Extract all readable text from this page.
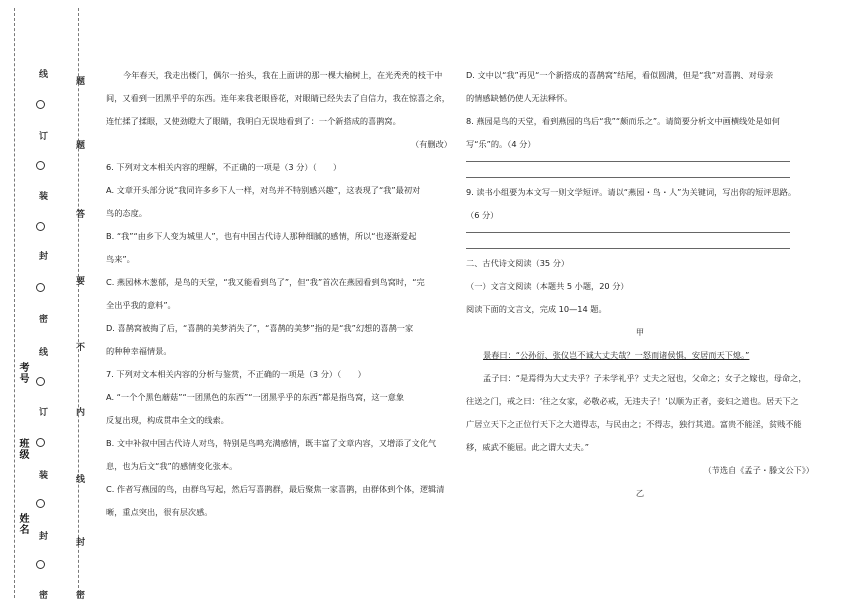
线
题
订
题
装
答
封
要
密
不
线
内
订
线
装
封
封
密	密
考号
班级
姓名

今年春天，我走出楼门，偶尔一抬头，我在上面讲的那一棵大榆树上，在光秃秃的枝干中

间，又看到一团黑乎乎的东西。连年来我老眼昏花，对眼睛已经失去了自信力，我在惊喜之余，

连忙揉了揉眼，又使劲瞪大了眼睛，我明白无误地看到了：一个新搭成的喜鹊窝。

（有删改）

6. 下列对文本相关内容的理解，不正确的一项是（3 分）（　　）

A. 文章开头部分说“我同许多乡下人一样，对鸟并不特别感兴趣”，这表现了“我”最初对

鸟的态度。

B. “我”“由乡下人变为城里人”，也有中国古代诗人那种细腻的感情，所以“也逐渐爱起

鸟来”。

C. 燕园林木葱郁，是鸟的天堂，“我又能看到鸟了”，但“我”首次在燕园看到鸟窝时，“完

全出乎我的意料”。

D. 喜鹊窝被掏了后，“喜鹊的美梦消失了”，“喜鹊的美梦”指的是“我”幻想的喜鹊一家

的种种幸福情景。

7. 下列对文本相关内容的分析与鉴赏，不正确的一项是（3 分）（　　）

A. “一个个黑色蘑菇”“一团黑色的东西”“一团黑乎乎的东西”都是指鸟窝，这一意象

反复出现，构成贯串全文的线索。

B. 文中补叙中国古代诗人对鸟，特别是鸟鸣充满感情，既丰富了文章内容，又增添了文化气

息，也为后文“我”的感情变化张本。

C. 作者写燕园的鸟，由群鸟写起，然后写喜鹊群，最后聚焦一家喜鹊，由群体到个体，逻辑清

晰，重点突出，很有层次感。

D. 文中以“我”再见“一个新搭成的喜鹊窝”结尾，看似圆满，但是“我”对喜鹊、对母亲

的情感缺憾仍使人无法释怀。

8. 燕园是鸟的天堂，看到燕园的鸟后“我”“颇而乐之”。请简要分析文中画横线处是如何

写“乐”的。（4 分）

9. 读书小组要为本文写一则文学短评。请以“燕园・鸟・人”为关键词，写出你的短评思路。

（6 分）

二、古代诗文阅读（35 分）

（一）文言文阅读（本题共 5 小题，20 分）

阅读下面的文言文，完成 10—14 题。

甲

景春曰：“公孙衍、张仪岂不诚大丈夫哉？一怒而诸侯惧，安居而天下熄。”

孟子曰：“是焉得为大丈夫乎？子未学礼乎？丈夫之冠也，父命之；女子之嫁也，母命之，

往送之门，戒之曰：‘往之女家，必敬必戒，无违夫子！’以顺为正者，妾妇之道也。居天下之

广居立天下之正位行天下之大道得志，与民由之；不得志，独行其道。富贵不能淫，贫贱不能

移，威武不能屈。此之谓大丈夫。”

（节选自《孟子・滕文公下》）

乙
